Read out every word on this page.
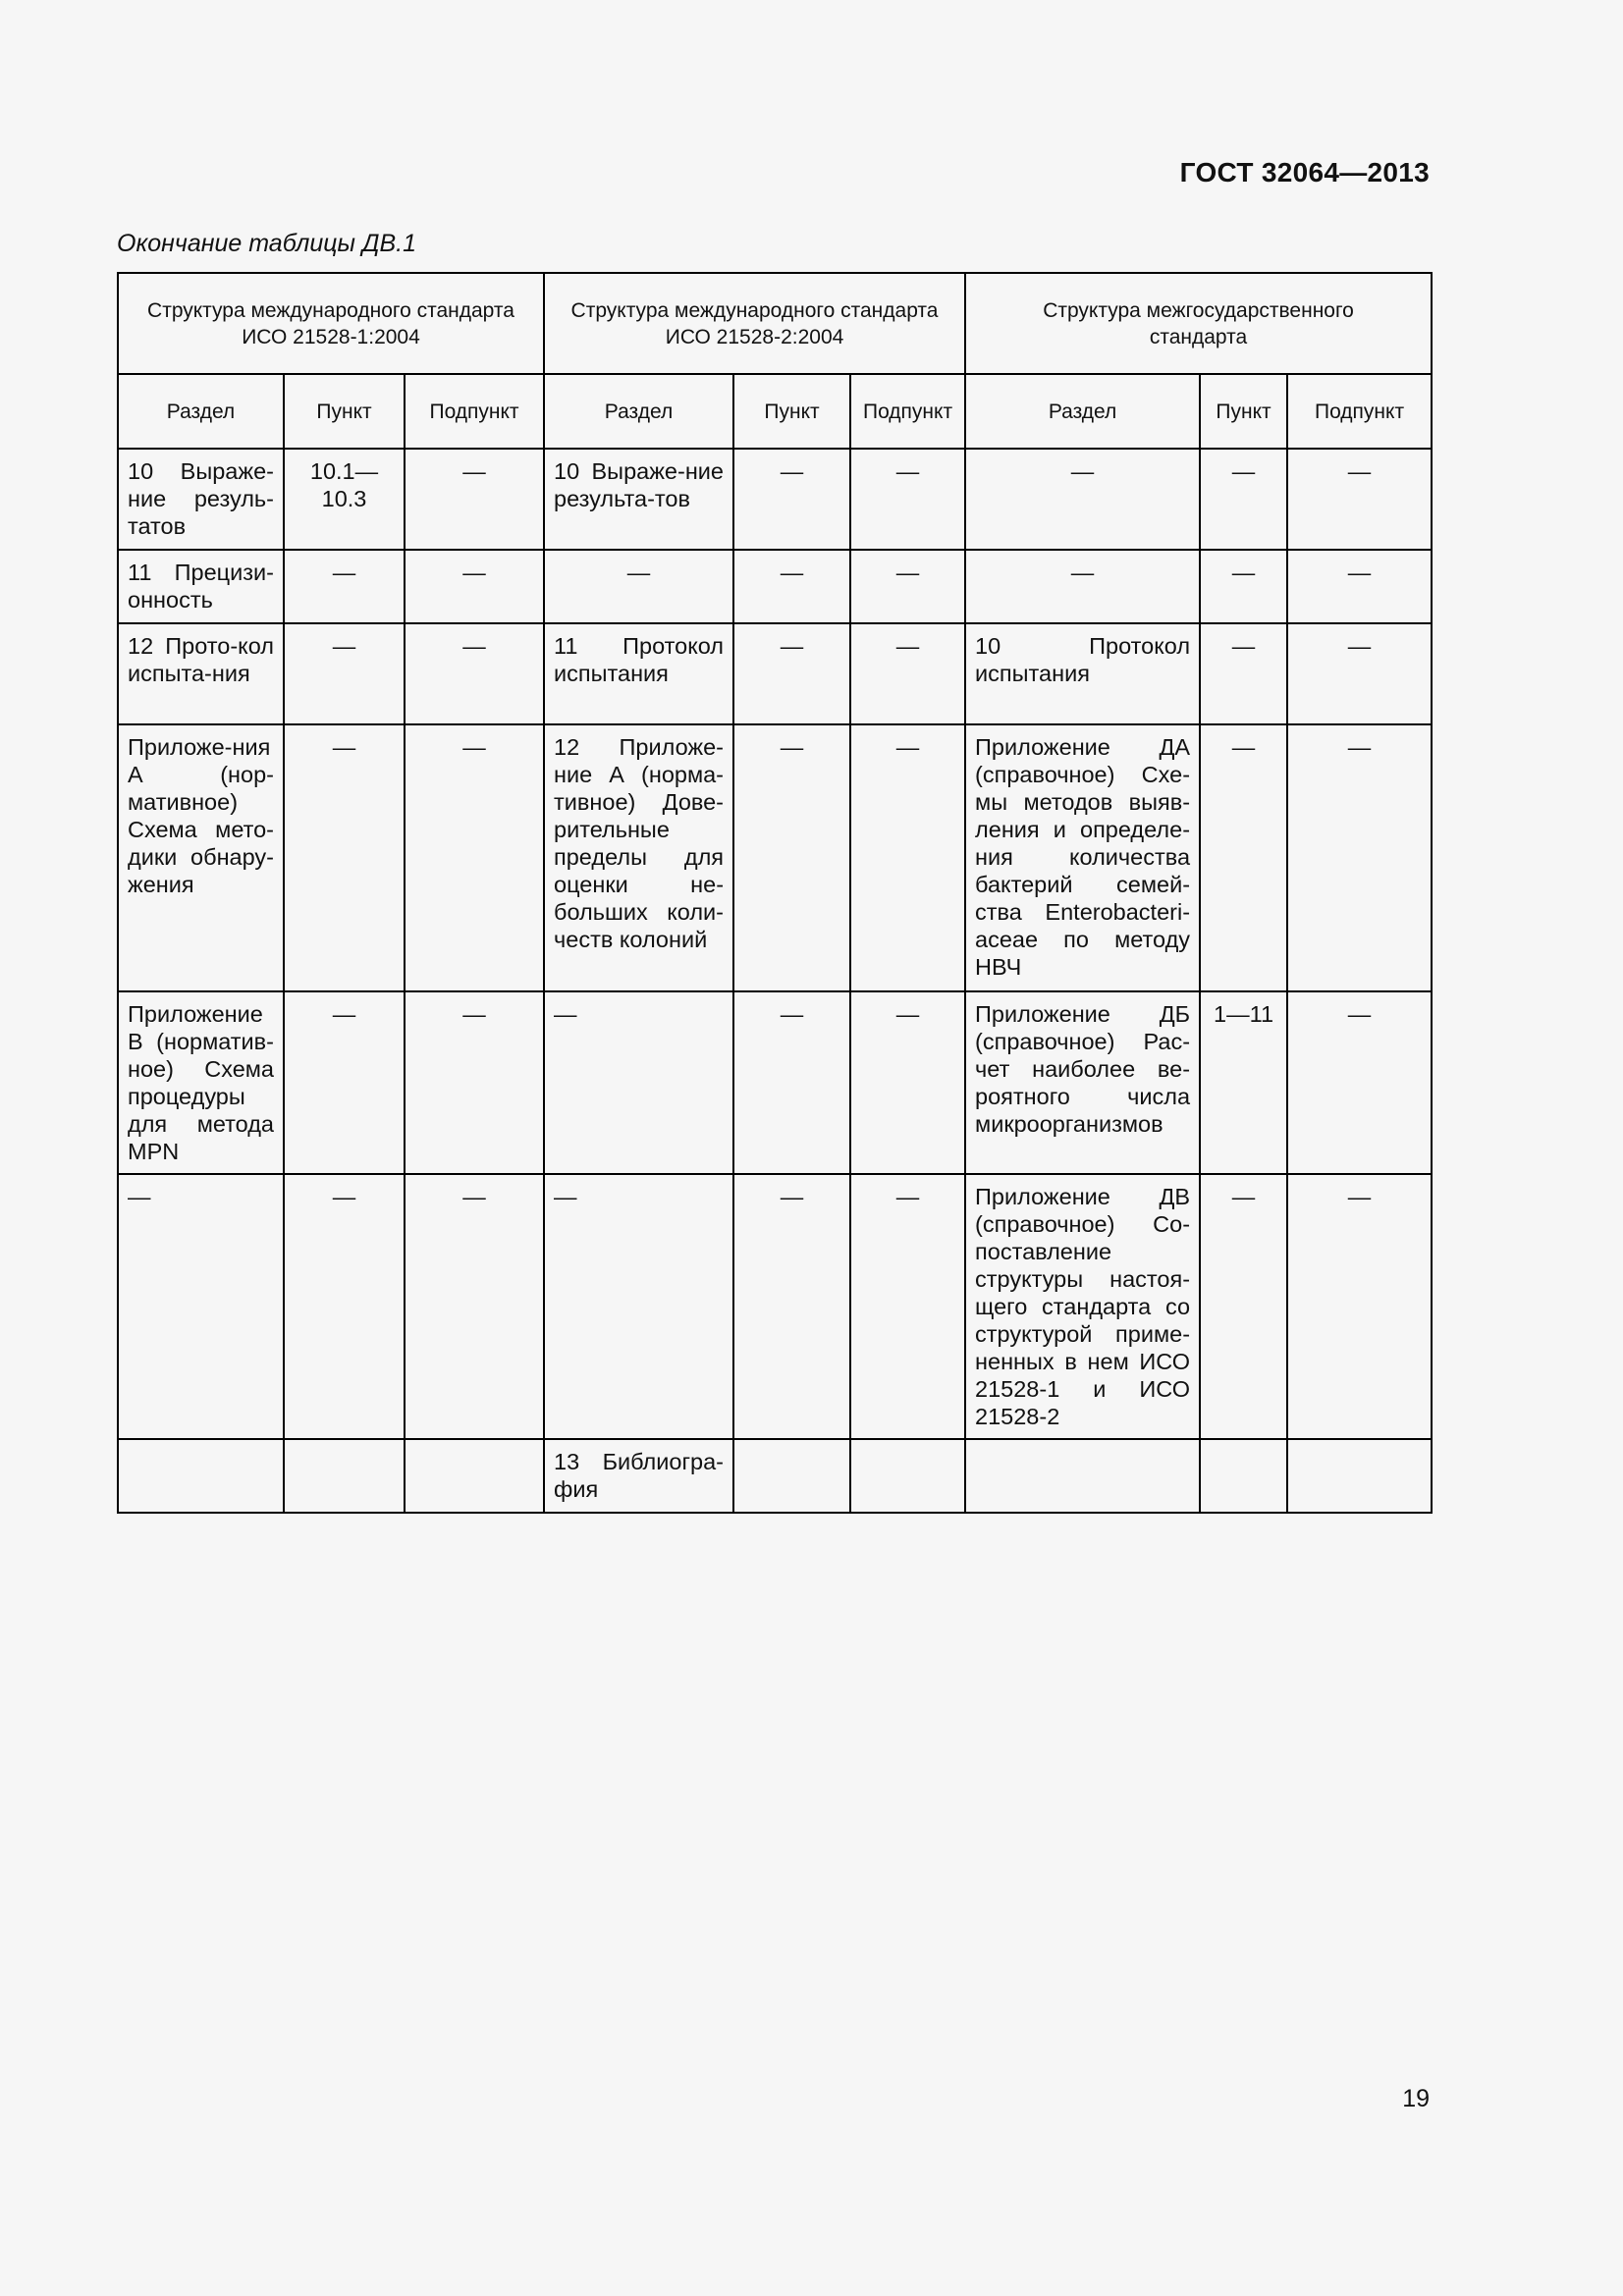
ГОСТ 32064—2013
Окончание таблицы ДВ.1
Структура международного стандарта ИСО 21528-1:2004			Структура международного стандарта ИСО 21528-2:2004			Структура межгосударственного стандарта		
Раздел	Пункт	Подпункт	Раздел	Пункт	Подпункт	Раздел	Пункт	Подпункт
10 Выраже-ние резуль-татов	10.1—10.3	—	10 Выраже-ние результа-тов	—	—	—	—	—
11 Прецизи-онность	—	—	—	—	—	—	—	—
12 Прото-кол испыта-ния	—	—	11 Протокол испытания	—	—	10 Протокол испытания	—	—
Приложе-ния А (нор-мативное) Схема мето-дики обнару-жения	—	—	12 Приложе-ние А (норма-тивное) Дове-рительные пределы для оценки не-больших коли-честв колоний	—	—	Приложение ДА (справочное) Схе-мы методов выяв-ления и определе-ния количества бактерий семей-ства Enterobacteri-aceae по методу НВЧ	—	—
Приложение В (норматив-ное) Схема процедуры для метода MPN	—	—	—	—	—	Приложение ДБ (справочное) Рас-чет наиболее ве-роятного числа микроорганизмов	1—11	—
—	—	—	—	—	—	Приложение ДВ (справочное) Со-поставление структуры настоя-щего стандарта со структурой приме-ненных в нем ИСО 21528-1 и ИСО 21528-2	—	—
			13 Библиогра-фия					
19
